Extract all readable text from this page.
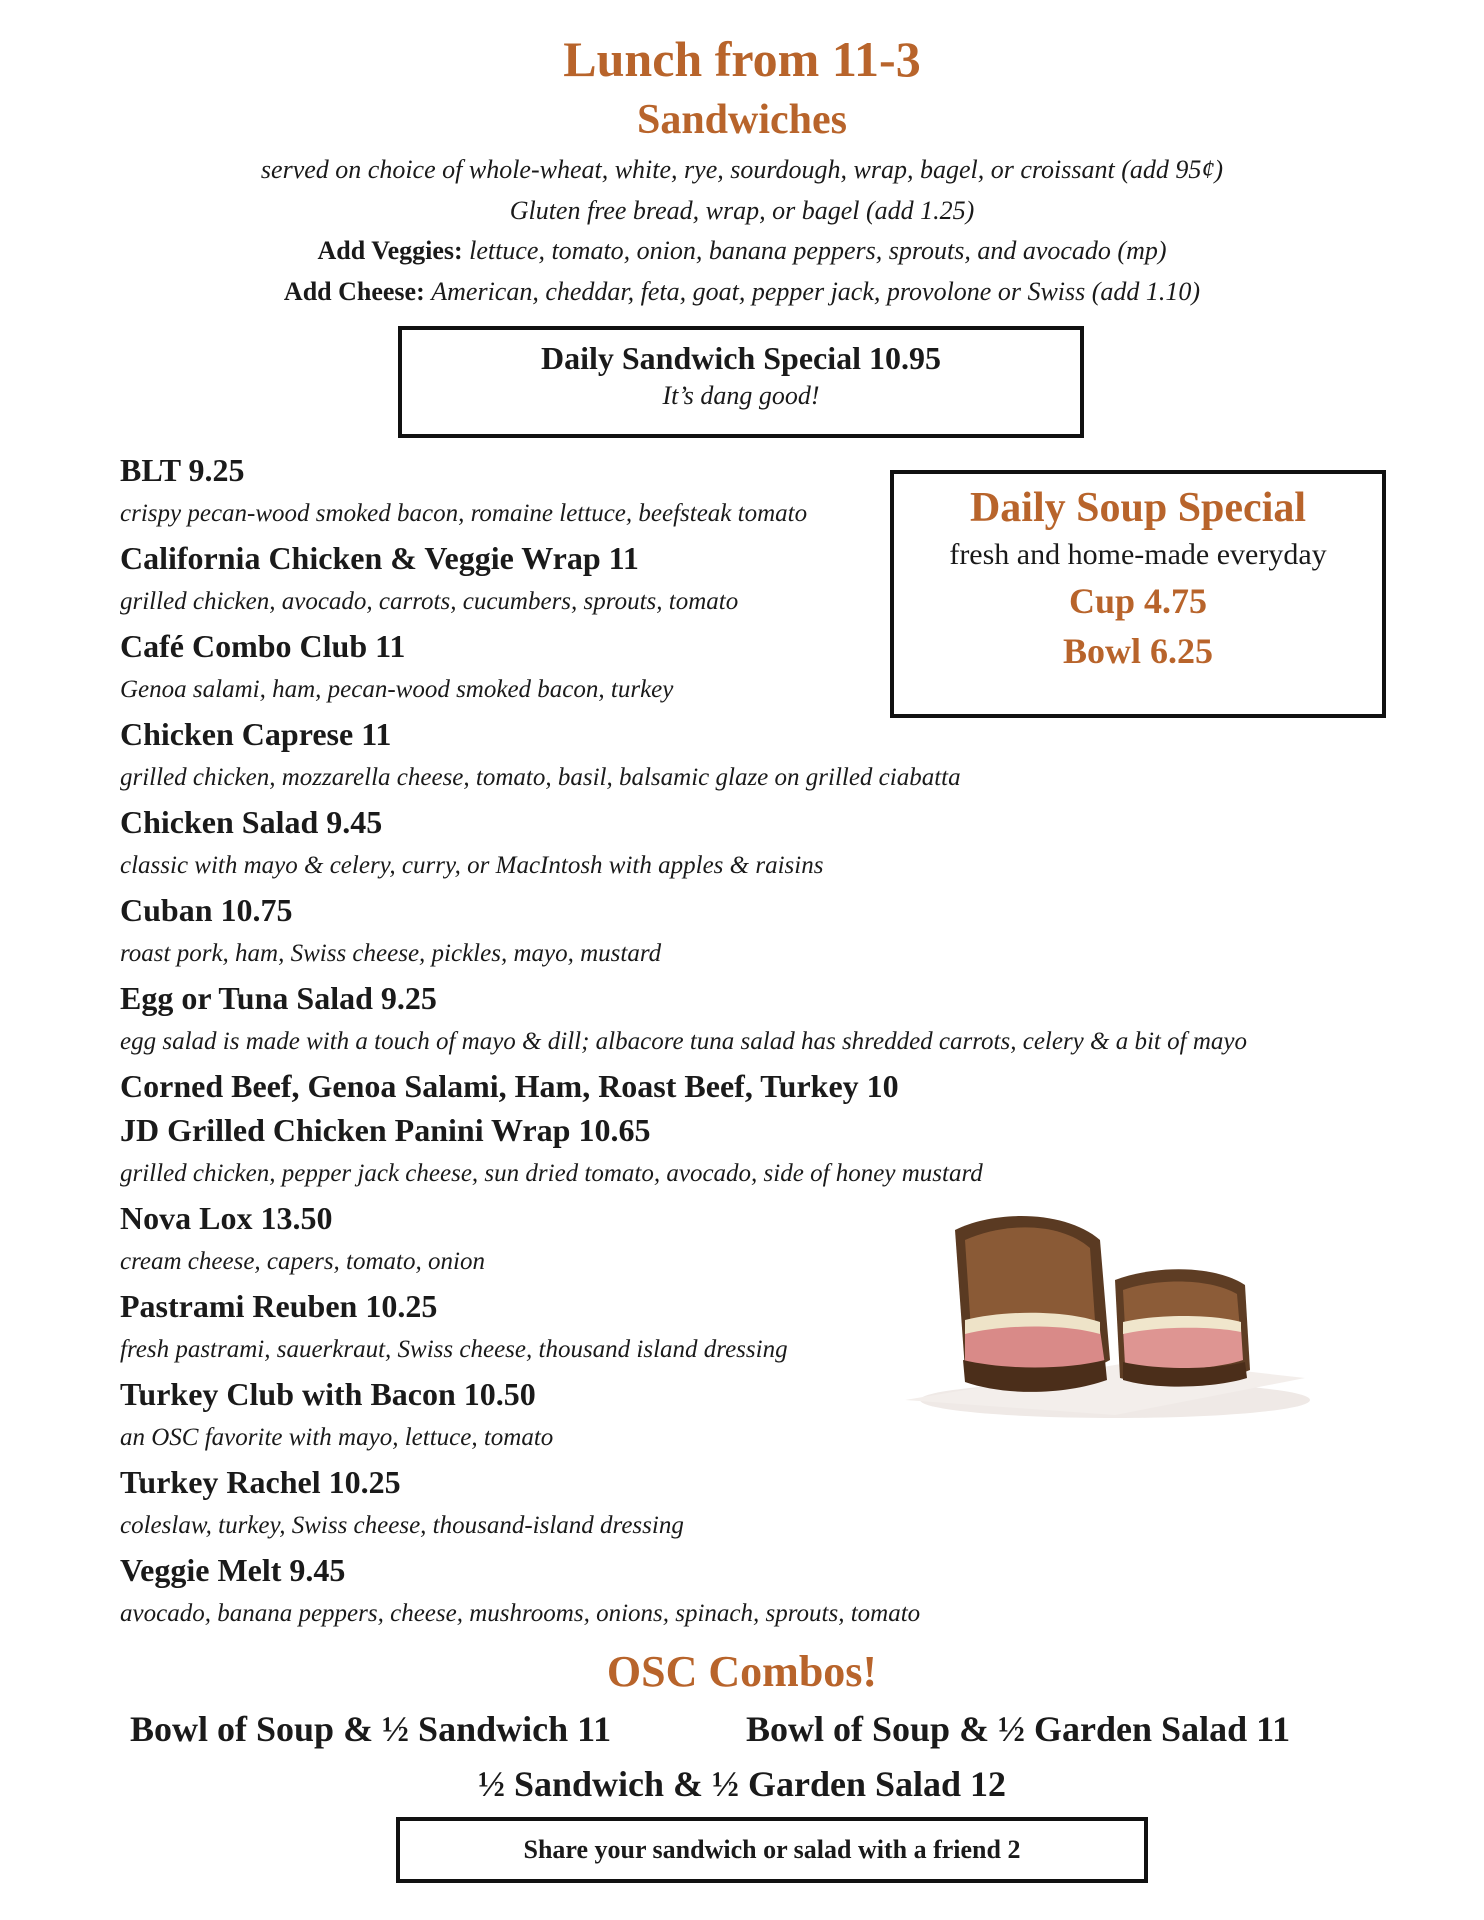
Lunch from 11-3
Sandwiches
served on choice of whole-wheat, white, rye, sourdough, wrap, bagel, or croissant (add 95¢)
Gluten free bread, wrap, or bagel (add 1.25)
Add Veggies: lettuce, tomato, onion, banana peppers, sprouts, and avocado (mp)
Add Cheese: American, cheddar, feta, goat, pepper jack, provolone or Swiss (add 1.10)
Daily Sandwich Special 10.95
It’s dang good!
Daily Soup Special
fresh and home-made everyday
Cup 4.75
Bowl 6.25
BLT 9.25
crispy pecan-wood smoked bacon, romaine lettuce, beefsteak tomato
California Chicken & Veggie Wrap 11
grilled chicken, avocado, carrots, cucumbers, sprouts, tomato
Café Combo Club 11
Genoa salami, ham, pecan-wood smoked bacon, turkey
Chicken Caprese 11
grilled chicken, mozzarella cheese, tomato, basil, balsamic glaze on grilled ciabatta
Chicken Salad 9.45
classic with mayo & celery, curry, or MacIntosh with apples & raisins
Cuban 10.75
roast pork, ham, Swiss cheese, pickles, mayo, mustard
Egg or Tuna Salad 9.25
egg salad is made with a touch of mayo & dill; albacore tuna salad has shredded carrots, celery & a bit of mayo
Corned Beef, Genoa Salami, Ham, Roast Beef, Turkey 10
JD Grilled Chicken Panini Wrap 10.65
grilled chicken, pepper jack cheese, sun dried tomato, avocado, side of honey mustard
Nova Lox 13.50
cream cheese, capers, tomato, onion
Pastrami Reuben 10.25
fresh pastrami, sauerkraut, Swiss cheese, thousand island dressing
Turkey Club with Bacon 10.50
an OSC favorite with mayo, lettuce, tomato
Turkey Rachel 10.25
coleslaw, turkey, Swiss cheese, thousand-island dressing
Veggie Melt 9.45
avocado, banana peppers, cheese, mushrooms, onions, spinach, sprouts, tomato
OSC Combos!
Bowl of Soup & ½ Sandwich 11	Bowl of Soup & ½ Garden Salad 11
½ Sandwich & ½ Garden Salad 12
Share your sandwich or salad with a friend 2
